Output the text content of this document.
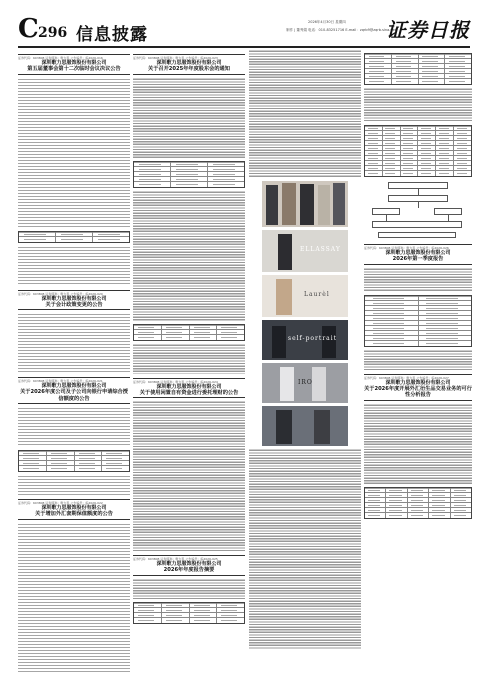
C 296 信息披露
2026年4月30日 星期四
制作 | 董秀娟 电话：010-83251716 E-mail：zqrb9@zqrb.sina.net
证券日报
证券代码：603808 证券简称：歌力思 公告编号：临2026-016
深圳歌力思服饰股份有限公司
第五届董事会第十二次临时会议决议公告
证券代码：603808 证券简称：歌力思 公告编号：临2026-020
深圳歌力思服饰股份有限公司
关于会计政策变更的公告
证券代码：603808 证券简称：歌力思 公告编号：临2026-021
深圳歌力思服饰股份有限公司
关于2026年度公司及子公司向银行申请综合授信额度的公告
证券代码：603808 证券简称：歌力思 公告编号：临2026-022
深圳歌力思服饰股份有限公司
关于增加外汇套期保值额度的公告
证券代码：603808 证券简称：歌力思 公告编号：临2026-023
深圳歌力思服饰股份有限公司
关于召开2025年年度股东会的通知
证券代码：603808 证券简称：歌力思 公告编号：临2026-024
深圳歌力思服饰股份有限公司
关于使用闲置自有资金进行委托理财的公告
证券代码：603808 证券简称：歌力思 公告编号：临2026-025
深圳歌力思服饰股份有限公司
2026年年度报告摘要
ELLASSAY
Laurèl
self-portrait
IRO
证券代码：603808 证券简称：歌力思 公告编号：临2026-026
深圳歌力思服饰股份有限公司
2026年第一季度报告
证券代码：603808 证券简称：歌力思 公告编号：临2026-027
深圳歌力思服饰股份有限公司
关于2026年度开展外汇衍生品交易业务的可行性分析报告
